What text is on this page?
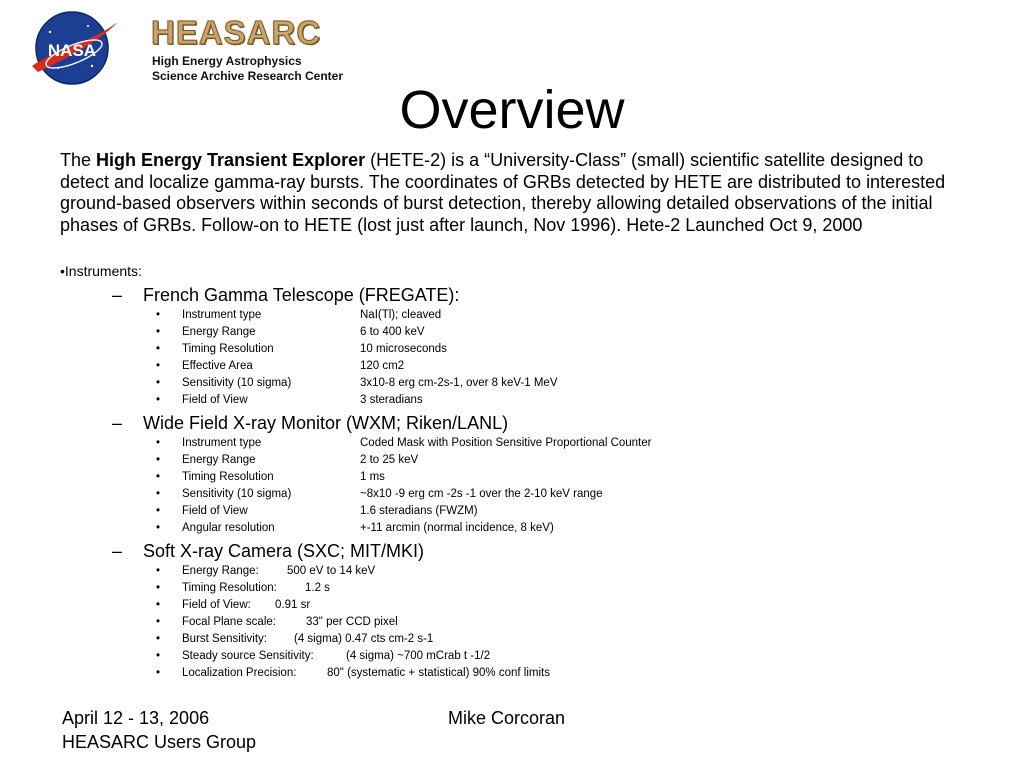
NASA HEASARC
High Energy Astrophysics
Science Archive Research Center
Overview

The High Energy Transient Explorer (HETE-2) is a “University-Class” (small) scientific satellite designed to detect and localize gamma-ray bursts. The coordinates of GRBs detected by HETE are distributed to interested ground-based observers within seconds of burst detection, thereby allowing detailed observations of the initial phases of GRBs. Follow-on to HETE (lost just after launch, Nov 1996). Hete-2 Launched Oct 9, 2000

•Instruments:
– French Gamma Telescope (FREGATE):
• Instrument type	NaI(Tl); cleaved
• Energy Range	6 to 400 keV
• Timing Resolution	10 microseconds
• Effective Area	120 cm2
• Sensitivity (10 sigma)	3x10-8 erg cm-2s-1, over 8 keV-1 MeV
• Field of View	3 steradians
– Wide Field X-ray Monitor (WXM; Riken/LANL)
• Instrument type	Coded Mask with Position Sensitive Proportional Counter
• Energy Range	2 to 25 keV
• Timing Resolution	1 ms
• Sensitivity (10 sigma)	~8x10 -9 erg cm -2s -1 over the 2-10 keV range
• Field of View	1.6 steradians (FWZM)
• Angular resolution	+-11 arcmin (normal incidence, 8 keV)
– Soft X-ray Camera (SXC; MIT/MKI)
• Energy Range: 500 eV to 14 keV
• Timing Resolution: 1.2 s
• Field of View: 0.91 sr
• Focal Plane scale:	33" per CCD pixel
• Burst Sensitivity: (4 sigma) 0.47 cts cm-2 s-1
• Steady source Sensitivity:	(4 sigma) ~700 mCrab t -1/2
• Localization Precision:	80" (systematic + statistical) 90% conf limits
April 12 - 13, 2006
HEASARC Users Group
Mike Corcoran
